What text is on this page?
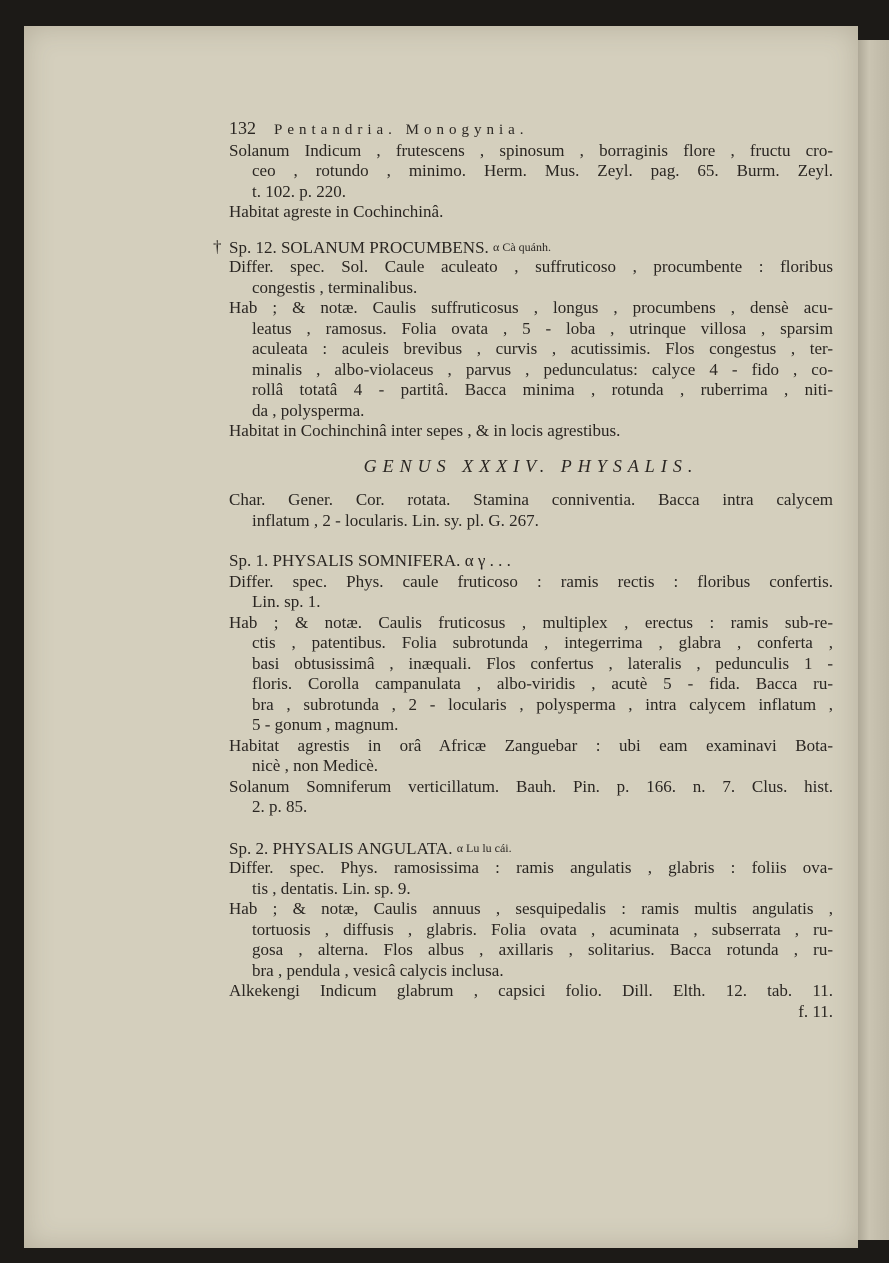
132 Pentandria. Monogynia.
Solanum Indicum , frutescens , spinosum , borraginis flore , fructu cro-
ceo , rotundo , minimo. Herm. Mus. Zeyl. pag. 65. Burm. Zeyl.
t. 102. p. 220.
Habitat agreste in Cochinchinâ.
† Sp. 12. SOLANUM PROCUMBENS. α Cà quánh.
Differ. spec. Sol. Caule aculeato , suffruticoso , procumbente : floribus
congestis , terminalibus.
Hab ; & notæ. Caulis suffruticosus , longus , procumbens , densè acu-
leatus , ramosus. Folia ovata , 5 - loba , utrinque villosa , sparsim
aculeata : aculeis brevibus , curvis , acutissimis. Flos congestus , ter-
minalis , albo-violaceus , parvus , pedunculatus: calyce 4 - fido , co-
rollâ totatâ 4 - partitâ. Bacca minima , rotunda , ruberrima , niti-
da , polysperma.
Habitat in Cochinchinâ inter sepes , & in locis agrestibus.
GENUS XXXIV. PHYSALIS.
Char. Gener. Cor. rotata. Stamina conniventia. Bacca intra calycem
inflatum , 2 - locularis. Lin. sy. pl. G. 267.
Sp. 1. PHYSALIS SOMNIFERA. α γ . . .
Differ. spec. Phys. caule fruticoso : ramis rectis : floribus confertis.
Lin. sp. 1.
Hab ; & notæ. Caulis fruticosus , multiplex , erectus : ramis sub-re-
ctis , patentibus. Folia subrotunda , integerrima , glabra , conferta ,
basi obtusissimâ , inæquali. Flos confertus , lateralis , pedunculis 1 -
floris. Corolla campanulata , albo-viridis , acutè 5 - fida. Bacca ru-
bra , subrotunda , 2 - locularis , polysperma , intra calycem inflatum ,
5 - gonum , magnum.
Habitat agrestis in orâ Africæ Zanguebar : ubi eam examinavi Bota-
nicè , non Medicè.
Solanum Somniferum verticillatum. Bauh. Pin. p. 166. n. 7. Clus. hist.
2. p. 85.
Sp. 2. PHYSALIS ANGULATA. α Lu lu cái.
Differ. spec. Phys. ramosissima : ramis angulatis , glabris : foliis ova-
tis , dentatis. Lin. sp. 9.
Hab ; & notæ, Caulis annuus , sesquipedalis : ramis multis angulatis ,
tortuosis , diffusis , glabris. Folia ovata , acuminata , subserrata , ru-
gosa , alterna. Flos albus , axillaris , solitarius. Bacca rotunda , ru-
bra , pendula , vesicâ calycis inclusa.
Alkekengi Indicum glabrum , capsici folio. Dill. Elth. 12. tab. 11.
f. 11.
